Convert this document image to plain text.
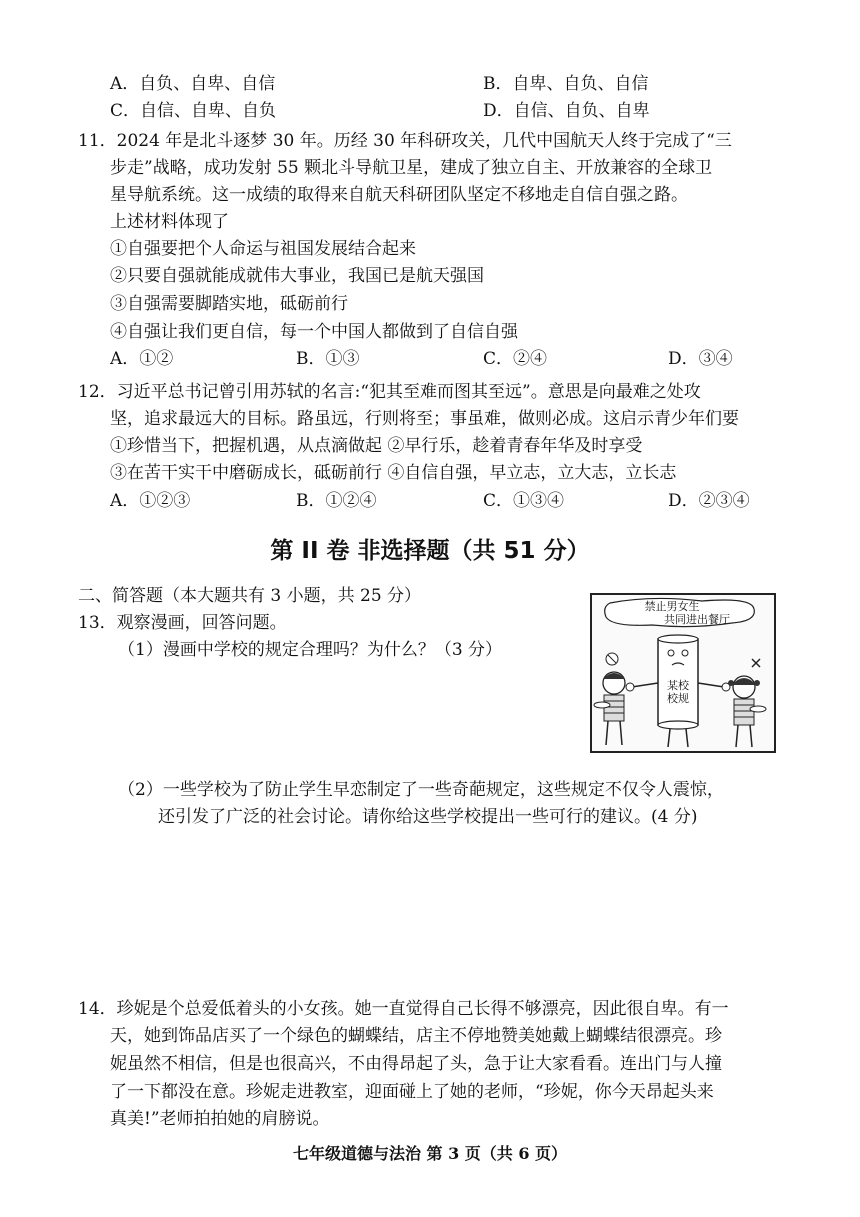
A．自负、自卑、自信	B．自卑、自负、自信
C．自信、自卑、自负	D．自信、自负、自卑
11．2024 年是北斗逐梦 30 年。历经 30 年科研攻关，几代中国航天人终于完成了“三
步走”战略，成功发射 55 颗北斗导航卫星，建成了独立自主、开放兼容的全球卫
星导航系统。这一成绩的取得来自航天科研团队坚定不移地走自信自强之路。
上述材料体现了
①自强要把个人命运与祖国发展结合起来
②只要自强就能成就伟大事业，我国已是航天强国
③自强需要脚踏实地，砥砺前行
④自强让我们更自信，每一个中国人都做到了自信自强
A．①②	B．①③	C．②④	D．③④
12．习近平总书记曾引用苏轼的名言:“犯其至难而图其至远”。意思是向最难之处攻
坚，追求最远大的目标。路虽远，行则将至；事虽难，做则必成。这启示青少年们要
①珍惜当下，把握机遇，从点滴做起 ②早行乐，趁着青春年华及时享受
③在苦干实干中磨砺成长，砥砺前行 ④自信自强，早立志，立大志，立长志
A．①②③	B．①②④	C．①③④	D．②③④
第 II 卷 非选择题（共 51 分）
二、简答题（本大题共有 3 小题，共 25 分）
13．观察漫画，回答问题。
（1）漫画中学校的规定合理吗？为什么？（3 分）
禁止男女生
共同进出餐厅
某校
校规
（2）一些学校为了防止学生早恋制定了一些奇葩规定，这些规定不仅令人震惊，
还引发了广泛的社会讨论。请你给这些学校提出一些可行的建议。(4 分)
14．珍妮是个总爱低着头的小女孩。她一直觉得自己长得不够漂亮，因此很自卑。有一
天，她到饰品店买了一个绿色的蝴蝶结，店主不停地赞美她戴上蝴蝶结很漂亮。珍
妮虽然不相信，但是也很高兴，不由得昂起了头，急于让大家看看。连出门与人撞
了一下都没在意。珍妮走进教室，迎面碰上了她的老师，“珍妮，你今天昂起头来
真美!”老师拍拍她的肩膀说。
七年级道德与法治 第 3 页（共 6 页）
